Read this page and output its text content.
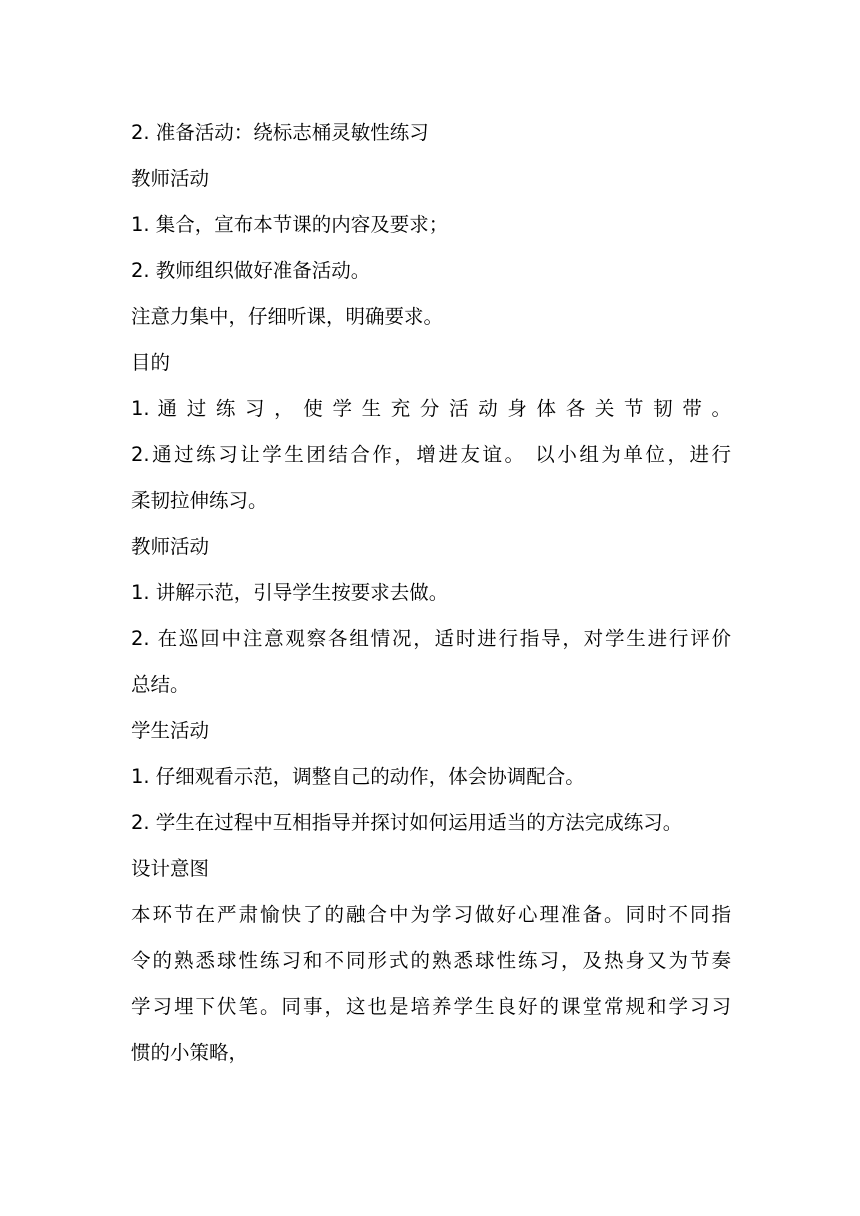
2. 准备活动：绕标志桶灵敏性练习

教师活动

1. 集合，宣布本节课的内容及要求；

2. 教师组织做好准备活动。

注意力集中，仔细听课，明确要求。

目的

1. 通 过 练 习 ， 使 学 生 充 分 活 动 身 体 各 关 节 韧 带 。

2.通过练习让学生团结合作，增进友谊。 以小组为单位，进行

柔韧拉伸练习。

教师活动

1. 讲解示范，引导学生按要求去做。

2. 在巡回中注意观察各组情况，适时进行指导，对学生进行评价

总结。

学生活动

1. 仔细观看示范，调整自己的动作，体会协调配合。

2. 学生在过程中互相指导并探讨如何运用适当的方法完成练习。

设计意图

本环节在严肃愉快了的融合中为学习做好心理准备。同时不同指

令的熟悉球性练习和不同形式的熟悉球性练习，及热身又为节奏

学习埋下伏笔。同事，这也是培养学生良好的课堂常规和学习习

惯的小策略，
